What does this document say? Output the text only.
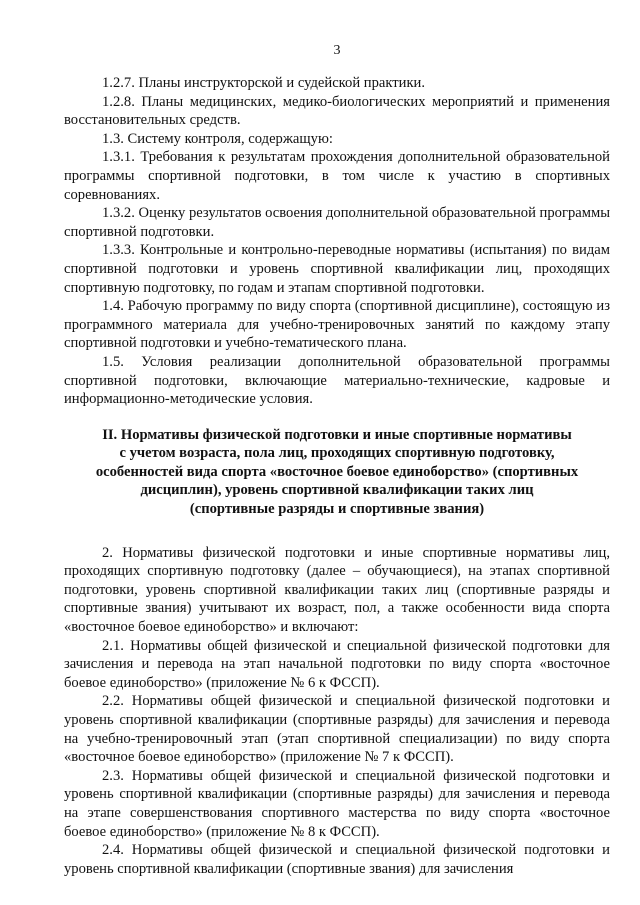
3

1.2.7. Планы инструкторской и судейской практики.

1.2.8. Планы медицинских, медико-биологических мероприятий и применения восстановительных средств.

1.3. Систему контроля, содержащую:

1.3.1. Требования к результатам прохождения дополнительной образовательной программы спортивной подготовки, в том числе к участию в спортивных соревнованиях.

1.3.2. Оценку результатов освоения дополнительной образовательной программы спортивной подготовки.

1.3.3. Контрольные и контрольно-переводные нормативы (испытания) по видам спортивной подготовки и уровень спортивной квалификации лиц, проходящих спортивную подготовку, по годам и этапам спортивной подготовки.

1.4. Рабочую программу по виду спорта (спортивной дисциплине), состоящую из программного материала для учебно-тренировочных занятий по каждому этапу спортивной подготовки и учебно-тематического плана.

1.5. Условия реализации дополнительной образовательной программы спортивной подготовки, включающие материально-технические, кадровые и информационно-методические условия.

II. Нормативы физической подготовки и иные спортивные нормативы
с учетом возраста, пола лиц, проходящих спортивную подготовку,
особенностей вида спорта «восточное боевое единоборство» (спортивных
дисциплин), уровень спортивной квалификации таких лиц
(спортивные разряды и спортивные звания)

2. Нормативы физической подготовки и иные спортивные нормативы лиц, проходящих спортивную подготовку (далее – обучающиеся), на этапах спортивной подготовки, уровень спортивной квалификации таких лиц (спортивные разряды и спортивные звания) учитывают их возраст, пол, а также особенности вида спорта «восточное боевое единоборство» и включают:

2.1. Нормативы общей физической и специальной физической подготовки для зачисления и перевода на этап начальной подготовки по виду спорта «восточное боевое единоборство» (приложение № 6 к ФССП).

2.2. Нормативы общей физической и специальной физической подготовки и уровень спортивной квалификации (спортивные разряды) для зачисления и перевода на учебно-тренировочный этап (этап спортивной специализации) по виду спорта «восточное боевое единоборство» (приложение № 7 к ФССП).

2.3. Нормативы общей физической и специальной физической подготовки и уровень спортивной квалификации (спортивные разряды) для зачисления и перевода на этапе совершенствования спортивного мастерства по виду спорта «восточное боевое единоборство» (приложение № 8 к ФССП).

2.4. Нормативы общей физической и специальной физической подготовки и уровень спортивной квалификации (спортивные звания) для зачисления
